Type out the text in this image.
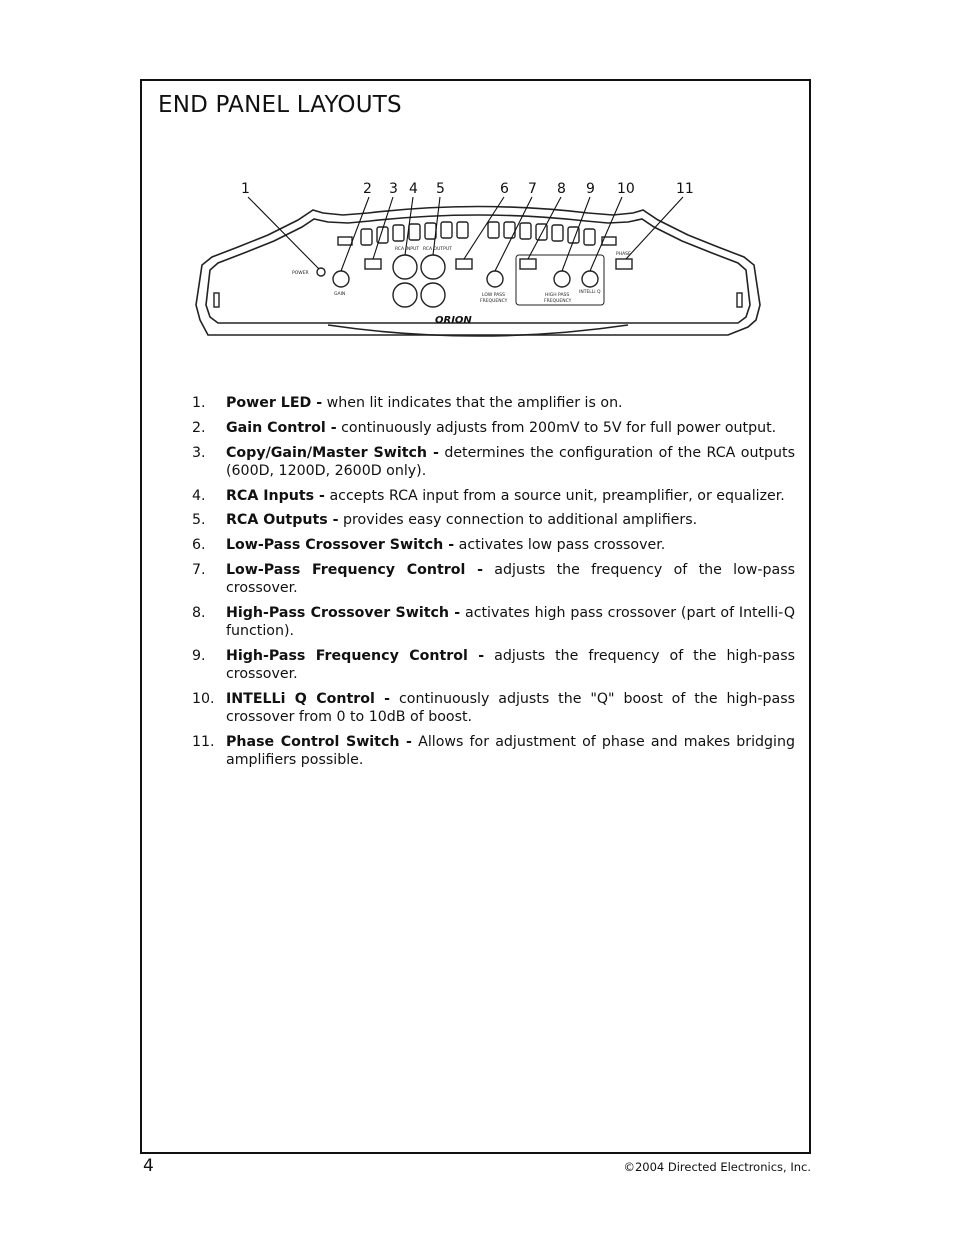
END PANEL LAYOUTS
1	2 3 4 5	6 7 8 9 10	11
POWER
GAIN
RCA INPUT RCA OUTPUT
LOW PASS
FREQUENCY
HIGH PASS
FREQUENCY
INTELLi Q
PHASE
ORION
1. Power LED - when lit indicates that the amplifier is on.
2. Gain Control - continuously adjusts from 200mV to 5V for full power output.
3. Copy/Gain/Master Switch - determines the configuration of the RCA outputs (600D, 1200D, 2600D only).
4. RCA Inputs - accepts RCA input from a source unit, preamplifier, or equalizer.
5. RCA Outputs - provides easy connection to additional amplifiers.
6. Low-Pass Crossover Switch - activates low pass crossover.
7. Low-Pass Frequency Control - adjusts the frequency of the low-pass crossover.
8. High-Pass Crossover Switch - activates high pass crossover (part of Intelli-Q function).
9. High-Pass Frequency Control - adjusts the frequency of the high-pass crossover.
10. INTELLi Q Control - continuously adjusts the "Q" boost of the high-pass crossover from 0 to 10dB of boost.
11. Phase Control Switch - Allows for adjustment of phase and makes bridging amplifiers possible.
4	©2004 Directed Electronics, Inc.
